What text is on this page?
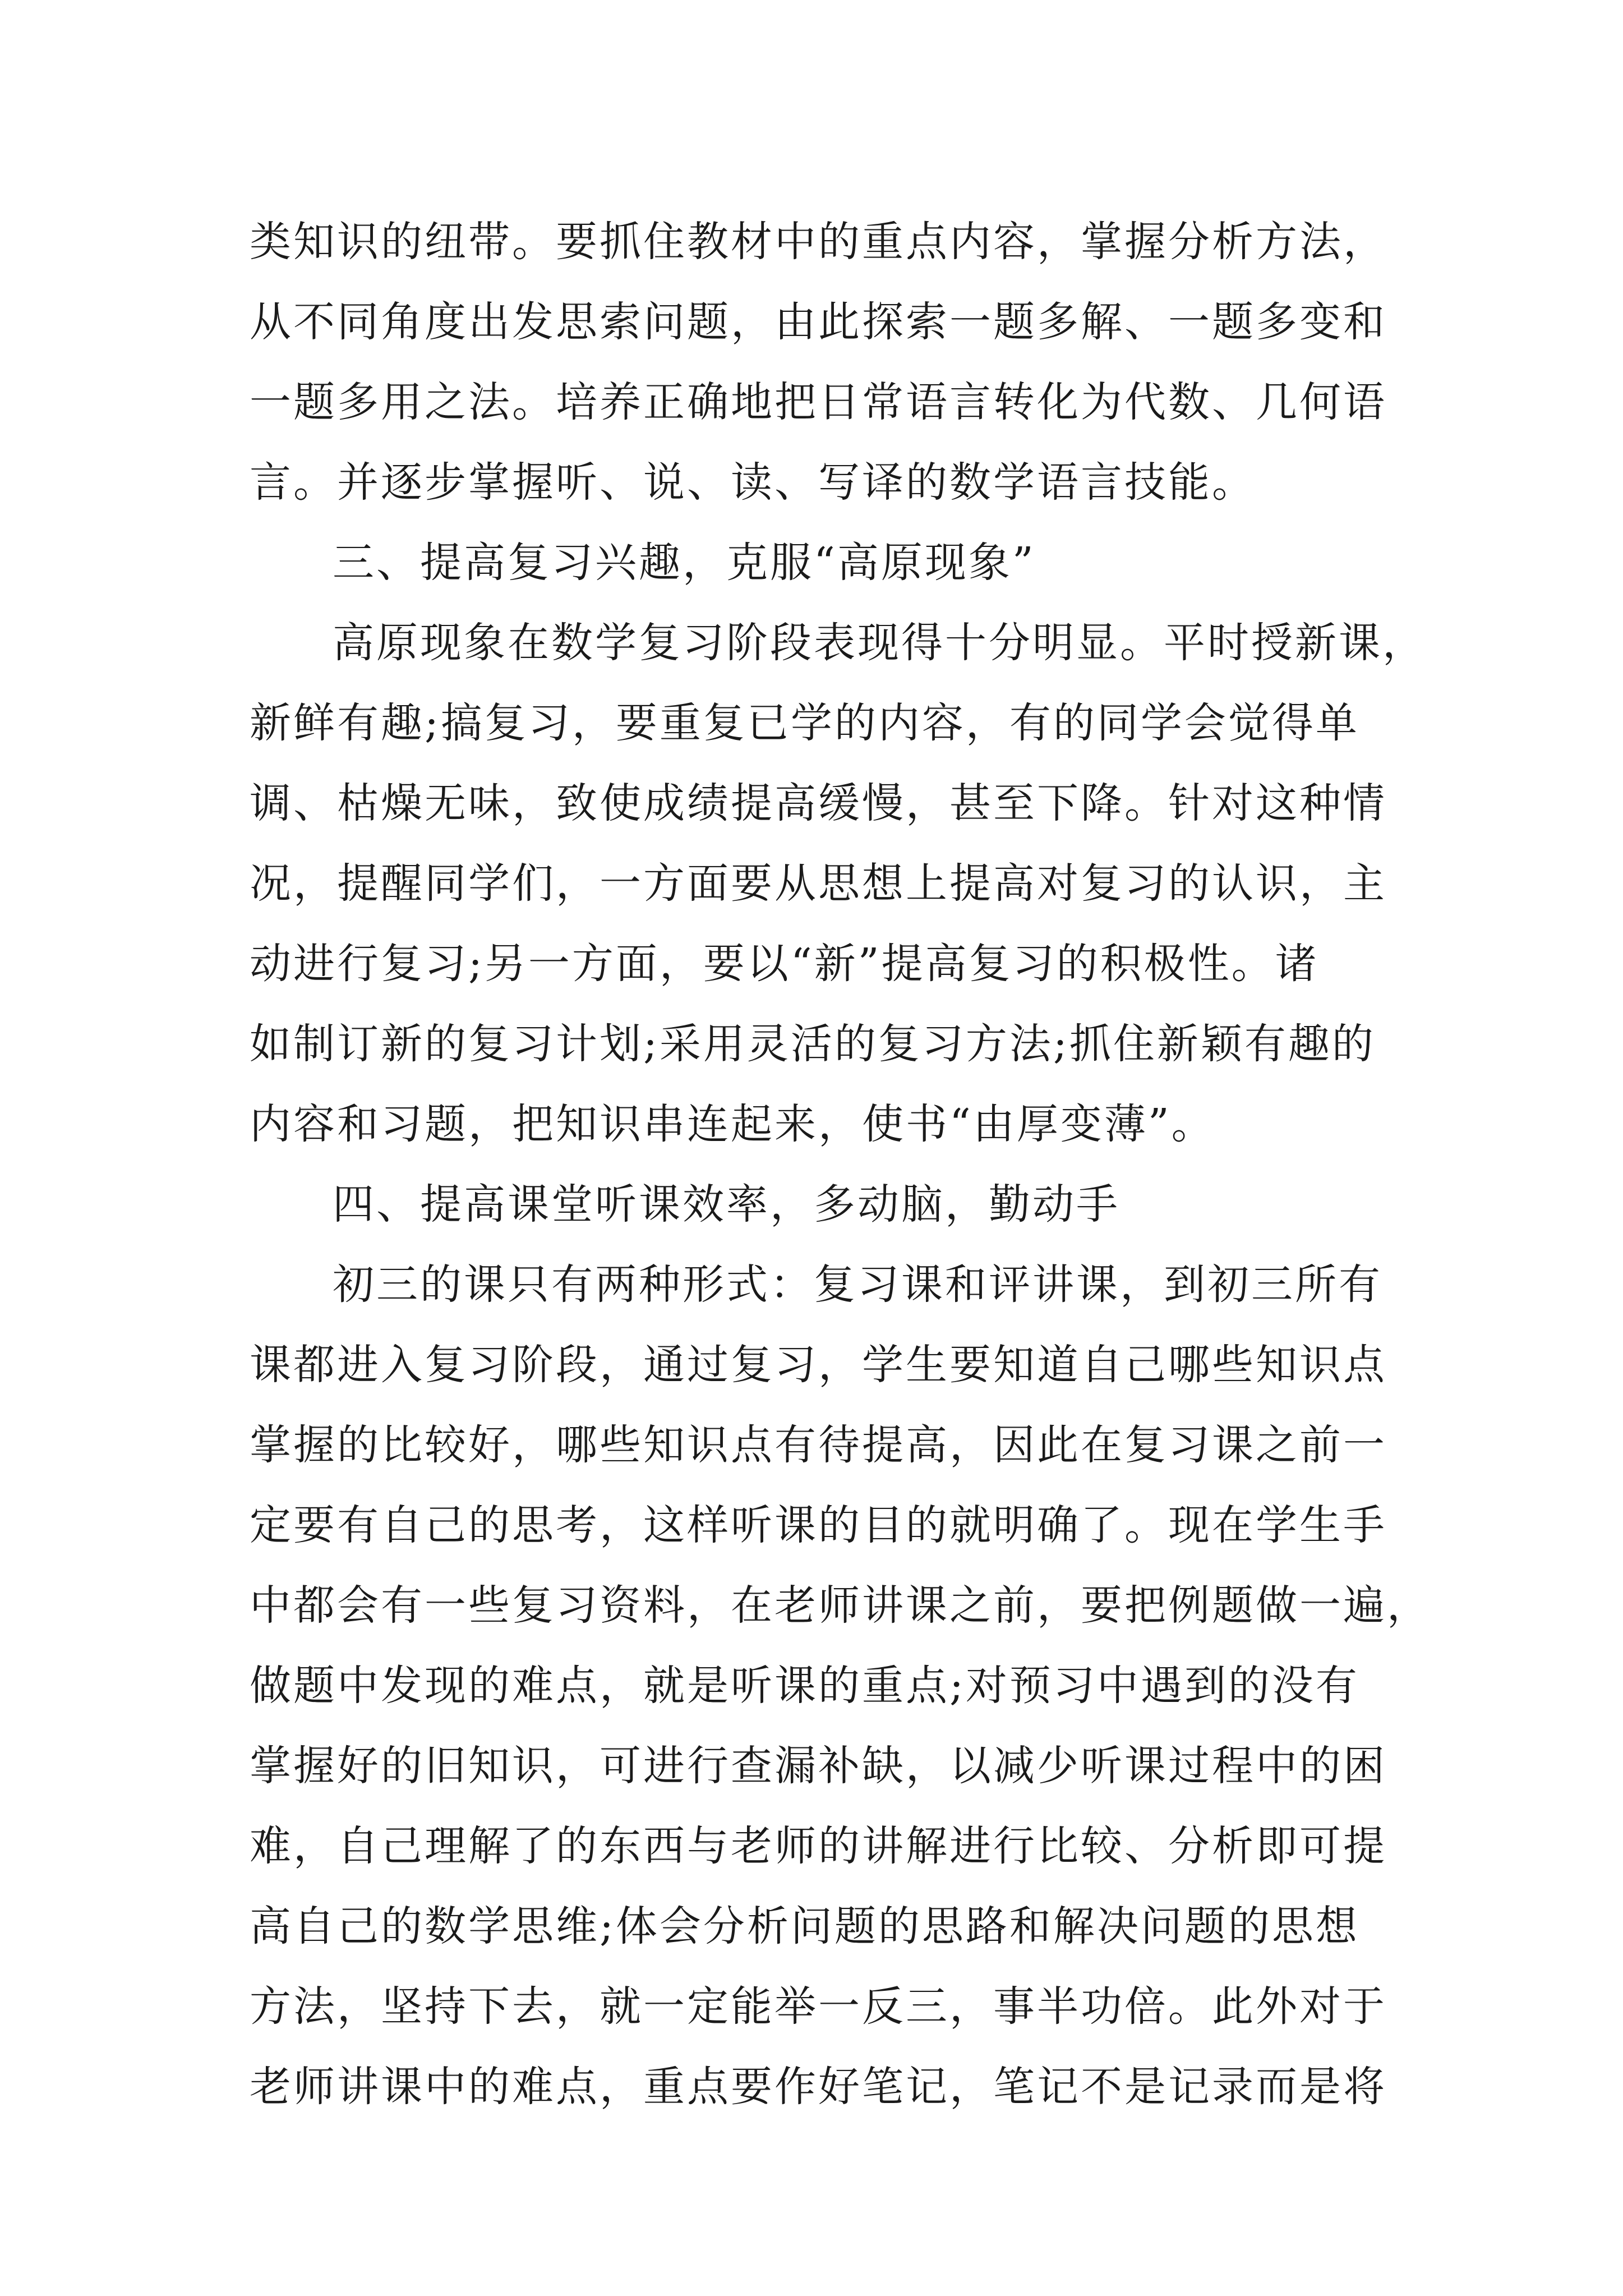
类知识的纽带。要抓住教材中的重点内容，掌握分析方法，
从不同角度出发思索问题，由此探索一题多解、一题多变和
一题多用之法。培养正确地把日常语言转化为代数、几何语
言。并逐步掌握听、说、读、写译的数学语言技能。
三、提高复习兴趣，克服“高原现象”
高原现象在数学复习阶段表现得十分明显。平时授新课，
新鲜有趣;搞复习，要重复已学的内容，有的同学会觉得单
调、枯燥无味，致使成绩提高缓慢，甚至下降。针对这种情
况，提醒同学们，一方面要从思想上提高对复习的认识，主
动进行复习;另一方面，要以“新”提高复习的积极性。诸
如制订新的复习计划;采用灵活的复习方法;抓住新颖有趣的
内容和习题，把知识串连起来，使书“由厚变薄”。
四、提高课堂听课效率，多动脑，勤动手
初三的课只有两种形式：复习课和评讲课，到初三所有
课都进入复习阶段，通过复习，学生要知道自己哪些知识点
掌握的比较好，哪些知识点有待提高，因此在复习课之前一
定要有自己的思考，这样听课的目的就明确了。现在学生手
中都会有一些复习资料，在老师讲课之前，要把例题做一遍，
做题中发现的难点，就是听课的重点;对预习中遇到的没有
掌握好的旧知识，可进行查漏补缺，以减少听课过程中的困
难，自己理解了的东西与老师的讲解进行比较、分析即可提
高自己的数学思维;体会分析问题的思路和解决问题的思想
方法，坚持下去，就一定能举一反三，事半功倍。此外对于
老师讲课中的难点，重点要作好笔记，笔记不是记录而是将
